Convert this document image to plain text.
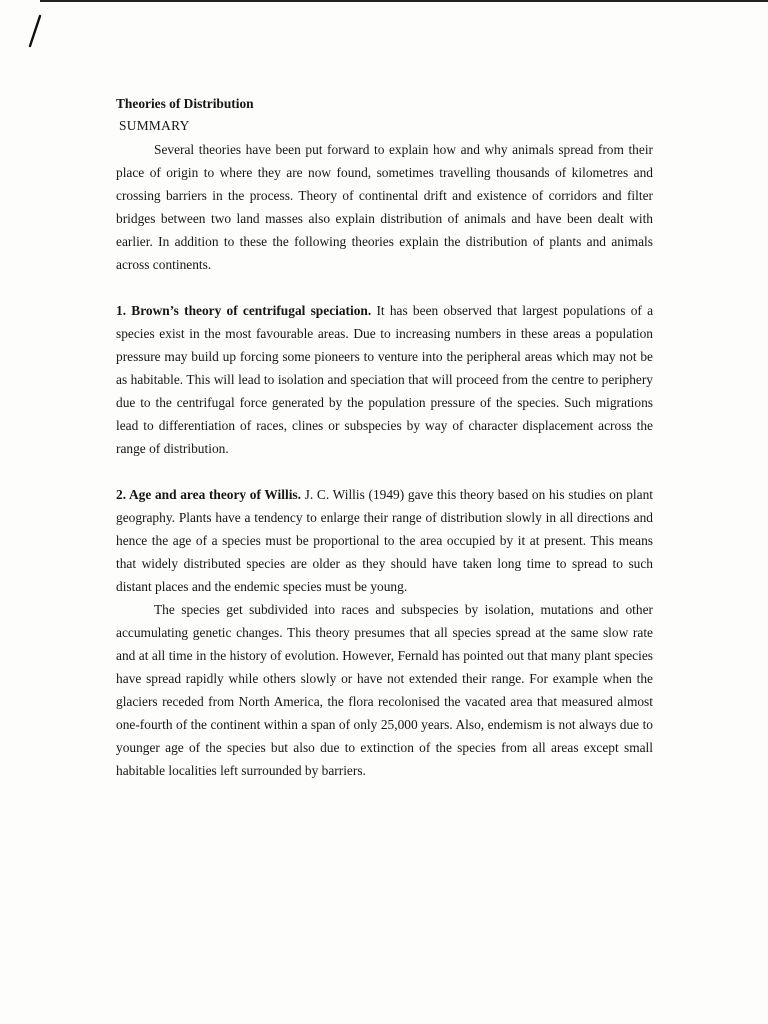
Theories of Distribution
SUMMARY

Several theories have been put forward to explain how and why animals spread from their place of origin to where they are now found, sometimes travelling thousands of kilometres and crossing barriers in the process. Theory of continental drift and existence of corridors and filter bridges between two land masses also explain distribution of animals and have been dealt with earlier. In addition to these the following theories explain the distribution of plants and animals across continents.

1. Brown’s theory of centrifugal speciation. It has been observed that largest populations of a species exist in the most favourable areas. Due to increasing numbers in these areas a population pressure may build up forcing some pioneers to venture into the peripheral areas which may not be as habitable. This will lead to isolation and speciation that will proceed from the centre to periphery due to the centrifugal force generated by the population pressure of the species. Such migrations lead to differentiation of races, clines or subspecies by way of character displacement across the range of distribution.

2. Age and area theory of Willis. J. C. Willis (1949) gave this theory based on his studies on plant geography. Plants have a tendency to enlarge their range of distribution slowly in all directions and hence the age of a species must be proportional to the area occupied by it at present. This means that widely distributed species are older as they should have taken long time to spread to such distant places and the endemic species must be young.

The species get subdivided into races and subspecies by isolation, mutations and other accumulating genetic changes. This theory presumes that all species spread at the same slow rate and at all time in the history of evolution. However, Fernald has pointed out that many plant species have spread rapidly while others slowly or have not extended their range. For example when the glaciers receded from North America, the flora recolonised the vacated area that measured almost one-fourth of the continent within a span of only 25,000 years. Also, endemism is not always due to younger age of the species but also due to extinction of the species from all areas except small habitable localities left surrounded by barriers.
